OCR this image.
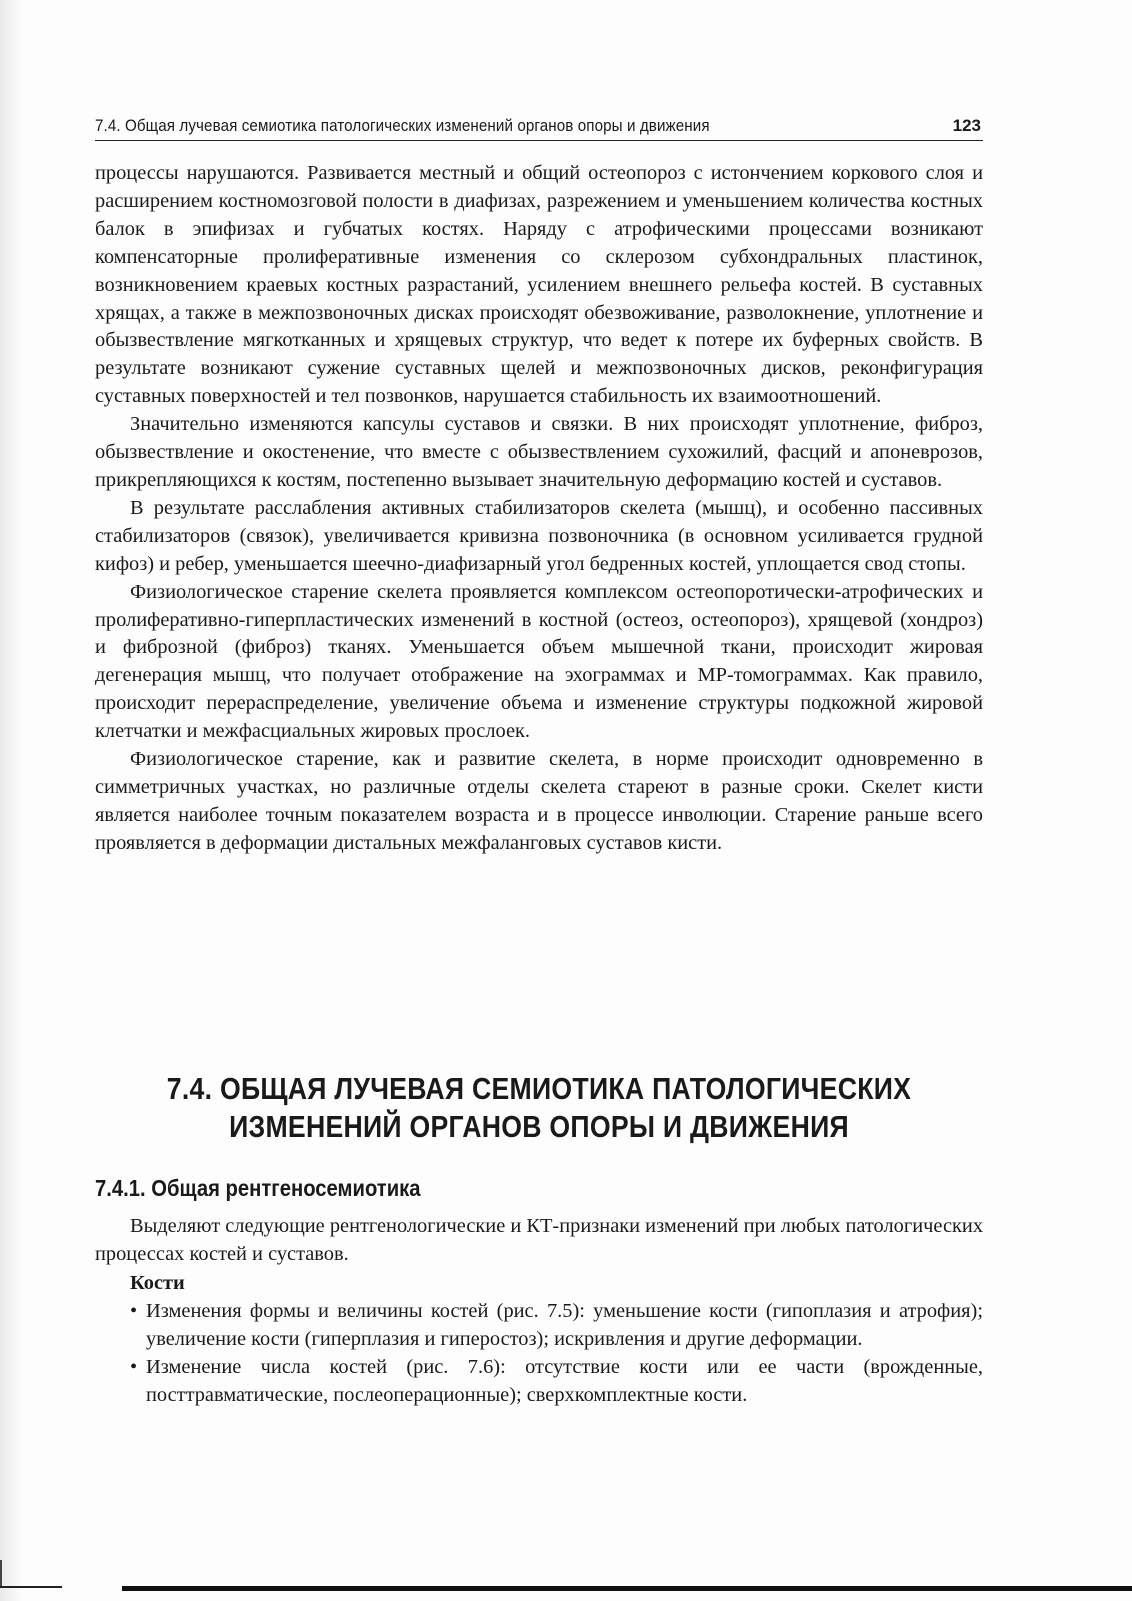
7.4. Общая лучевая семиотика патологических изменений органов опоры и движения	123

процессы нарушаются. Развивается местный и общий остеопороз с истончением коркового слоя и расширением костномозговой полости в диафизах, разрежением и уменьшением количества костных балок в эпифизах и губчатых костях. Наряду с атрофическими процессами возникают компенсаторные пролиферативные изменения со склерозом субхондральных пластинок, возникновением краевых костных разрастаний, усилением внешнего рельефа костей. В суставных хрящах, а также в межпозвоночных дисках происходят обезвоживание, разволокнение, уплотнение и обызвествление мягкотканных и хрящевых структур, что ведет к потере их буферных свойств. В результате возникают сужение суставных щелей и межпозвоночных дисков, реконфигурация суставных поверхностей и тел позвонков, нарушается стабильность их взаимоотношений.

Значительно изменяются капсулы суставов и связки. В них происходят уплотнение, фиброз, обызвествление и окостенение, что вместе с обызвествлением сухожилий, фасций и апоневрозов, прикрепляющихся к костям, постепенно вызывает значительную деформацию костей и суставов.

В результате расслабления активных стабилизаторов скелета (мышц), и особенно пассивных стабилизаторов (связок), увеличивается кривизна позвоночника (в основном усиливается грудной кифоз) и ребер, уменьшается шеечно-диафизарный угол бедренных костей, уплощается свод стопы.

Физиологическое старение скелета проявляется комплексом остеопоротически-атрофических и пролиферативно-гиперпластических изменений в костной (остеоз, остеопороз), хрящевой (хондроз) и фиброзной (фиброз) тканях. Уменьшается объем мышечной ткани, происходит жировая дегенерация мышц, что получает отображение на эхограммах и МР-томограммах. Как правило, происходит перераспределение, увеличение объема и изменение структуры подкожной жировой клетчатки и межфасциальных жировых прослоек.

Физиологическое старение, как и развитие скелета, в норме происходит одновременно в симметричных участках, но различные отделы скелета стареют в разные сроки. Скелет кисти является наиболее точным показателем возраста и в процессе инволюции. Старение раньше всего проявляется в деформации дистальных межфаланговых суставов кисти.

7.4. ОБЩАЯ ЛУЧЕВАЯ СЕМИОТИКА ПАТОЛОГИЧЕСКИХ
ИЗМЕНЕНИЙ ОРГАНОВ ОПОРЫ И ДВИЖЕНИЯ
7.4.1. Общая рентгеносемиотика

Выделяют следующие рентгенологические и КТ-признаки изменений при любых патологических процессах костей и суставов.

Кости
• Изменения формы и величины костей (рис. 7.5): уменьшение кости (гипоплазия и атрофия); увеличение кости (гиперплазия и гиперостоз); искривления и другие деформации.
• Изменение числа костей (рис. 7.6): отсутствие кости или ее части (врожденные, посттравматические, послеоперационные); сверхкомплектные кости.
